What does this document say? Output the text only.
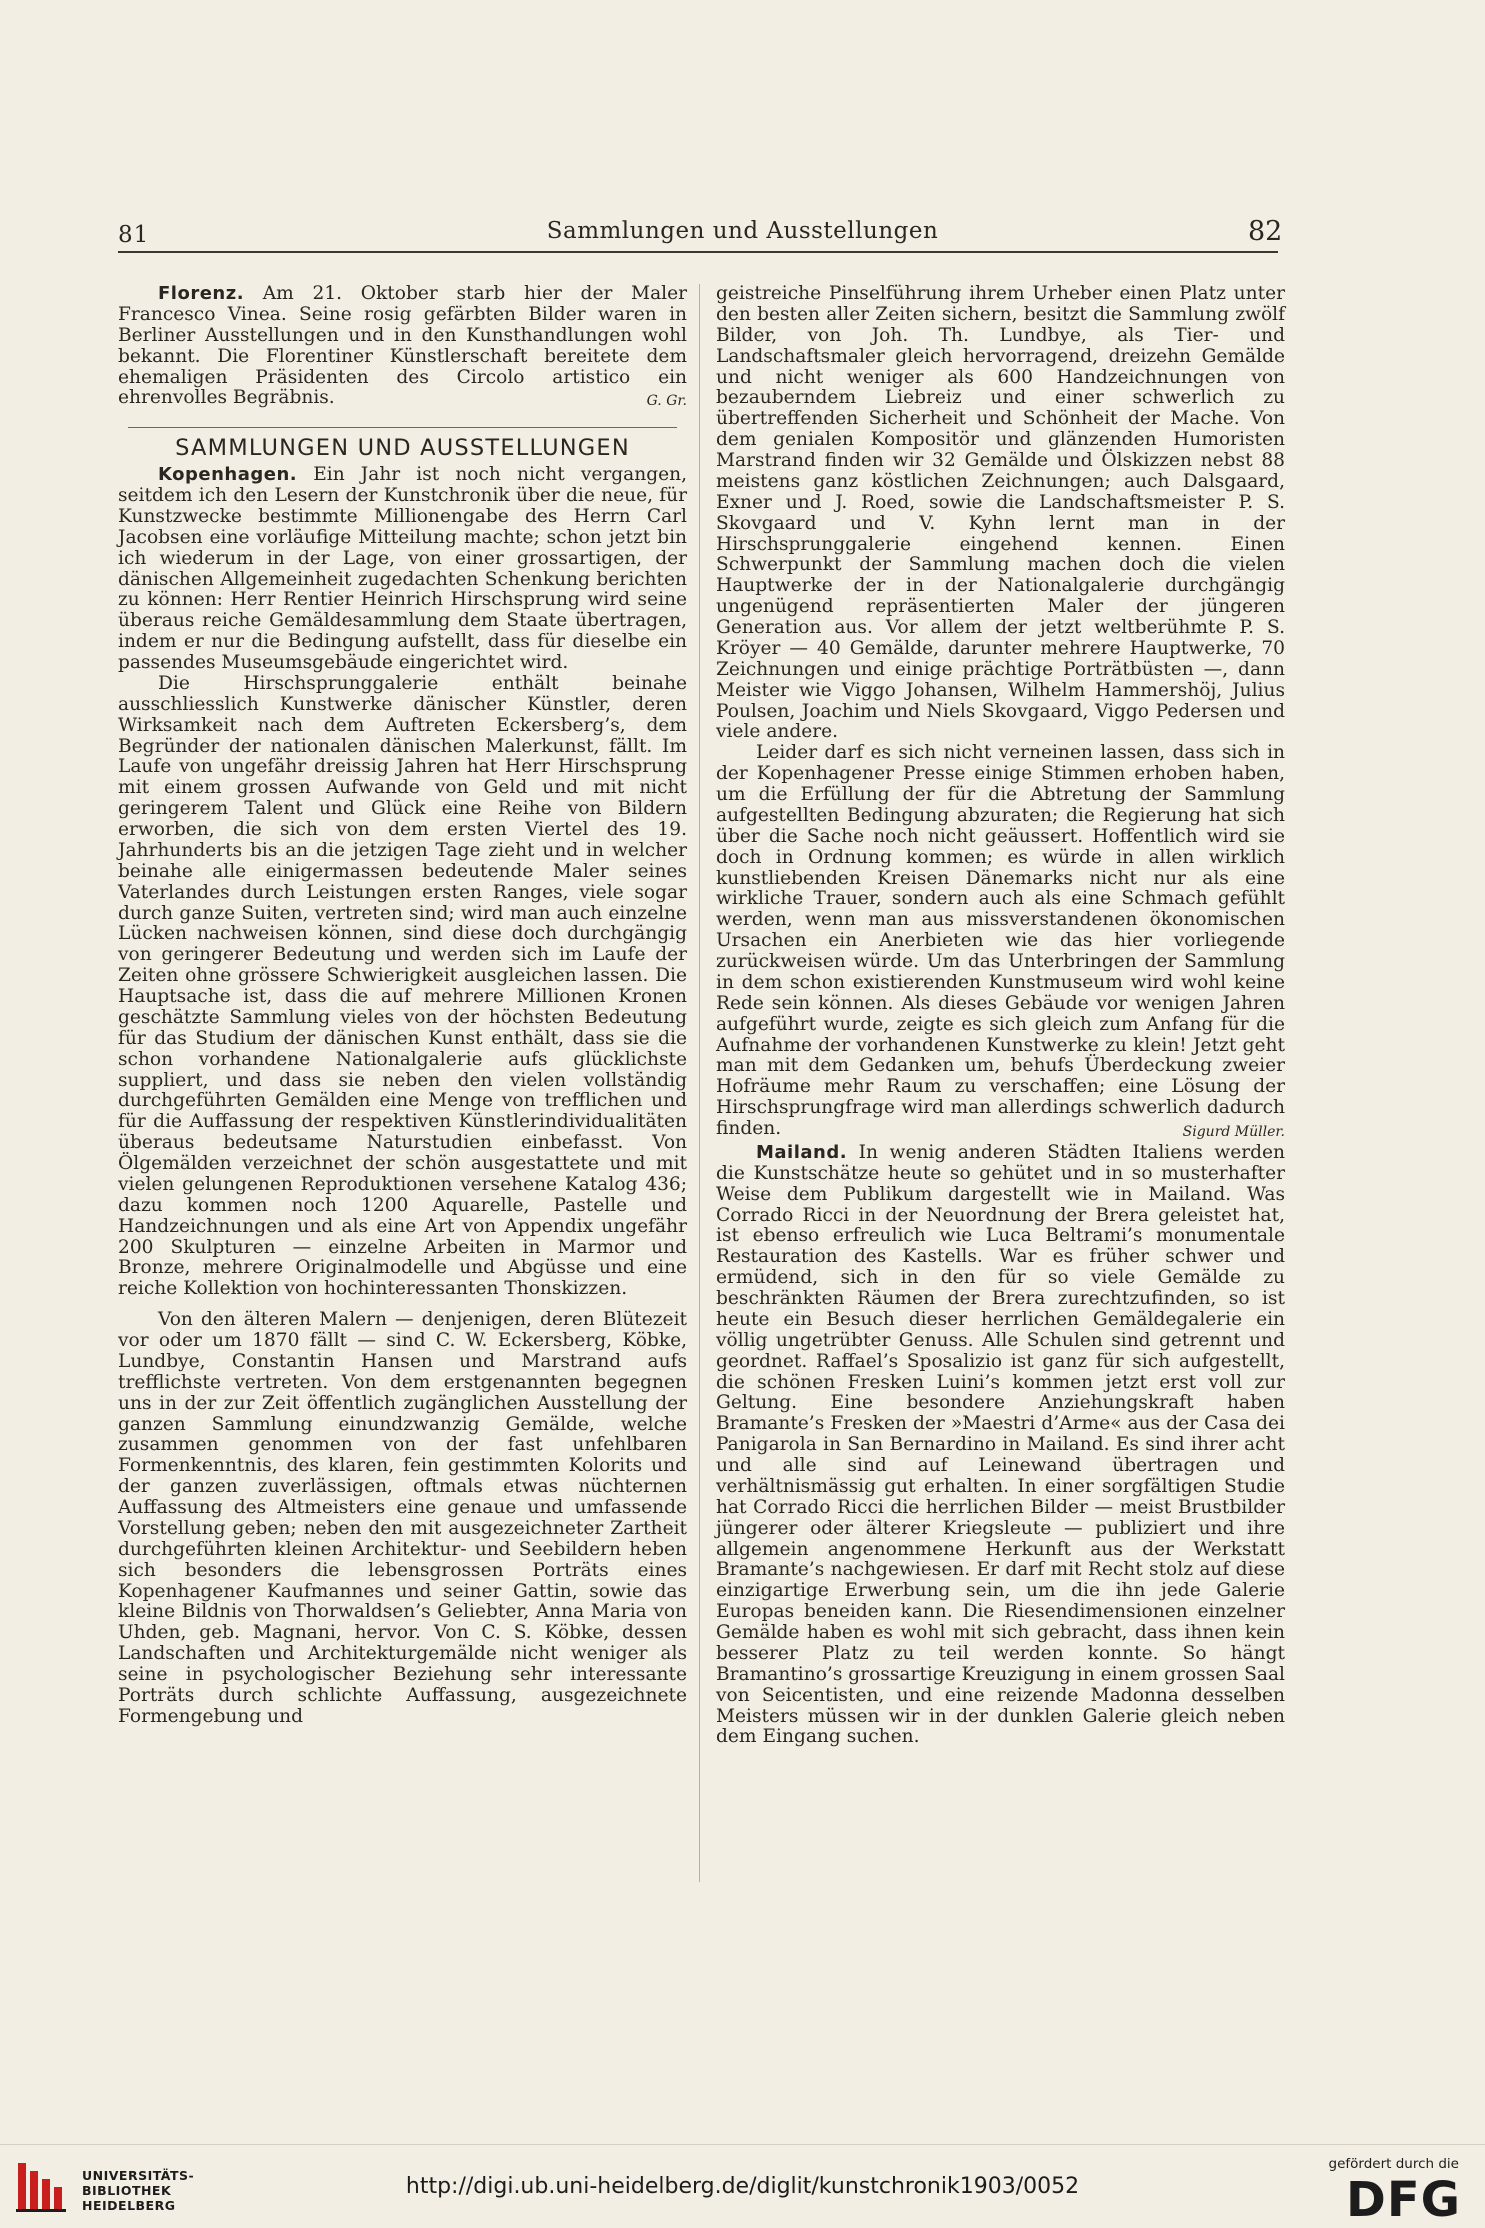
81	Sammlungen und Ausstellungen	82

Florenz. Am 21. Oktober starb hier der Maler Francesco Vinea. Seine rosig gefärbten Bilder waren in Berliner Ausstellungen und in den Kunsthandlungen wohl bekannt. Die Florentiner Künstlerschaft bereitete dem ehemaligen Präsidenten des Circolo artistico ein ehrenvolles Begräbnis.	G. Gr.

SAMMLUNGEN UND AUSSTELLUNGEN

Kopenhagen. Ein Jahr ist noch nicht vergangen, seitdem ich den Lesern der Kunstchronik über die neue, für Kunstzwecke bestimmte Millionengabe des Herrn Carl Jacobsen eine vorläufige Mitteilung machte; schon jetzt bin ich wiederum in der Lage, von einer grossartigen, der dänischen Allgemeinheit zugedachten Schenkung berichten zu können: Herr Rentier Heinrich Hirschsprung wird seine überaus reiche Gemäldesammlung dem Staate übertragen, indem er nur die Bedingung aufstellt, dass für dieselbe ein passendes Museumsgebäude eingerichtet wird.

Die Hirschsprunggalerie enthält beinahe ausschliesslich Kunstwerke dänischer Künstler, deren Wirksamkeit nach dem Auftreten Eckersberg’s, dem Begründer der nationalen dänischen Malerkunst, fällt. Im Laufe von ungefähr dreissig Jahren hat Herr Hirschsprung mit einem grossen Aufwande von Geld und mit nicht geringerem Talent und Glück eine Reihe von Bildern erworben, die sich von dem ersten Viertel des 19. Jahrhunderts bis an die jetzigen Tage zieht und in welcher beinahe alle einigermassen bedeutende Maler seines Vaterlandes durch Leistungen ersten Ranges, viele sogar durch ganze Suiten, vertreten sind; wird man auch einzelne Lücken nachweisen können, sind diese doch durchgängig von geringerer Bedeutung und werden sich im Laufe der Zeiten ohne grössere Schwierigkeit ausgleichen lassen. Die Hauptsache ist, dass die auf mehrere Millionen Kronen geschätzte Sammlung vieles von der höchsten Bedeutung für das Studium der dänischen Kunst enthält, dass sie die schon vorhandene Nationalgalerie aufs glücklichste suppliert, und dass sie neben den vielen vollständig durchgeführten Gemälden eine Menge von trefflichen und für die Auffassung der respektiven Künstlerindividualitäten überaus bedeutsame Naturstudien einbefasst. Von Ölgemälden verzeichnet der schön ausgestattete und mit vielen gelungenen Reproduktionen versehene Katalog 436; dazu kommen noch 1200 Aquarelle, Pastelle und Handzeichnungen und als eine Art von Appendix ungefähr 200 Skulpturen — einzelne Arbeiten in Marmor und Bronze, mehrere Originalmodelle und Abgüsse und eine reiche Kollektion von hochinteressanten Thonskizzen.

Von den älteren Malern — denjenigen, deren Blütezeit vor oder um 1870 fällt — sind C. W. Eckersberg, Köbke, Lundbye, Constantin Hansen und Marstrand aufs trefflichste vertreten. Von dem erstgenannten begegnen uns in der zur Zeit öffentlich zugänglichen Ausstellung der ganzen Sammlung einundzwanzig Gemälde, welche zusammen genommen von der fast unfehlbaren Formenkenntnis, des klaren, fein gestimmten Kolorits und der ganzen zuverlässigen, oftmals etwas nüchternen Auffassung des Altmeisters eine genaue und umfassende Vorstellung geben; neben den mit ausgezeichneter Zartheit durchgeführten kleinen Architektur- und Seebildern heben sich besonders die lebensgrossen Porträts eines Kopenhagener Kaufmannes und seiner Gattin, sowie das kleine Bildnis von Thorwaldsen’s Geliebter, Anna Maria von Uhden, geb. Magnani, hervor. Von C. S. Köbke, dessen Landschaften und Architekturgemälde nicht weniger als seine in psychologischer Beziehung sehr interessante Porträts durch schlichte Auffassung, ausgezeichnete Formengebung und

geistreiche Pinselführung ihrem Urheber einen Platz unter den besten aller Zeiten sichern, besitzt die Sammlung zwölf Bilder, von Joh. Th. Lundbye, als Tier- und Landschaftsmaler gleich hervorragend, dreizehn Gemälde und nicht weniger als 600 Handzeichnungen von bezauberndem Liebreiz und einer schwerlich zu übertreffenden Sicherheit und Schönheit der Mache. Von dem genialen Kompositör und glänzenden Humoristen Marstrand finden wir 32 Gemälde und Ölskizzen nebst 88 meistens ganz köstlichen Zeichnungen; auch Dalsgaard, Exner und J. Roed, sowie die Landschaftsmeister P. S. Skovgaard und V. Kyhn lernt man in der Hirschsprunggalerie eingehend kennen. Einen Schwerpunkt der Sammlung machen doch die vielen Hauptwerke der in der Nationalgalerie durchgängig ungenügend repräsentierten Maler der jüngeren Generation aus. Vor allem der jetzt weltberühmte P. S. Kröyer — 40 Gemälde, darunter mehrere Hauptwerke, 70 Zeichnungen und einige prächtige Porträtbüsten —, dann Meister wie Viggo Johansen, Wilhelm Hammershöj, Julius Poulsen, Joachim und Niels Skovgaard, Viggo Pedersen und viele andere.

Leider darf es sich nicht verneinen lassen, dass sich in der Kopenhagener Presse einige Stimmen erhoben haben, um die Erfüllung der für die Abtretung der Sammlung aufgestellten Bedingung abzuraten; die Regierung hat sich über die Sache noch nicht geäussert. Hoffentlich wird sie doch in Ordnung kommen; es würde in allen wirklich kunstliebenden Kreisen Dänemarks nicht nur als eine wirkliche Trauer, sondern auch als eine Schmach gefühlt werden, wenn man aus missverstandenen ökonomischen Ursachen ein Anerbieten wie das hier vorliegende zurückweisen würde. Um das Unterbringen der Sammlung in dem schon existierenden Kunstmuseum wird wohl keine Rede sein können. Als dieses Gebäude vor wenigen Jahren aufgeführt wurde, zeigte es sich gleich zum Anfang für die Aufnahme der vorhandenen Kunstwerke zu klein! Jetzt geht man mit dem Gedanken um, behufs Überdeckung zweier Hofräume mehr Raum zu verschaffen; eine Lösung der Hirschsprungfrage wird man allerdings schwerlich dadurch finden.	Sigurd Müller.

Mailand. In wenig anderen Städten Italiens werden die Kunstschätze heute so gehütet und in so musterhafter Weise dem Publikum dargestellt wie in Mailand. Was Corrado Ricci in der Neuordnung der Brera geleistet hat, ist ebenso erfreulich wie Luca Beltrami’s monumentale Restauration des Kastells. War es früher schwer und ermüdend, sich in den für so viele Gemälde zu beschränkten Räumen der Brera zurechtzufinden, so ist heute ein Besuch dieser herrlichen Gemäldegalerie ein völlig ungetrübter Genuss. Alle Schulen sind getrennt und geordnet. Raffael’s Sposalizio ist ganz für sich aufgestellt, die schönen Fresken Luini’s kommen jetzt erst voll zur Geltung. Eine besondere Anziehungskraft haben Bramante’s Fresken der »Maestri d’Arme« aus der Casa dei Panigarola in San Bernardino in Mailand. Es sind ihrer acht und alle sind auf Leinewand übertragen und verhältnismässig gut erhalten. In einer sorgfältigen Studie hat Corrado Ricci die herrlichen Bilder — meist Brustbilder jüngerer oder älterer Kriegsleute — publiziert und ihre allgemein angenommene Herkunft aus der Werkstatt Bramante’s nachgewiesen. Er darf mit Recht stolz auf diese einzigartige Erwerbung sein, um die ihn jede Galerie Europas beneiden kann. Die Riesendimensionen einzelner Gemälde haben es wohl mit sich gebracht, dass ihnen kein besserer Platz zu teil werden konnte. So hängt Bramantino’s grossartige Kreuzigung in einem grossen Saal von Seicentisten, und eine reizende Madonna desselben Meisters müssen wir in der dunklen Galerie gleich neben dem Eingang suchen.

UNIVERSITÄTS-
BIBLIOTHEK
HEIDELBERG
http://digi.ub.uni-heidelberg.de/diglit/kunstchronik1903/0052
gefördert durch die
DFG
